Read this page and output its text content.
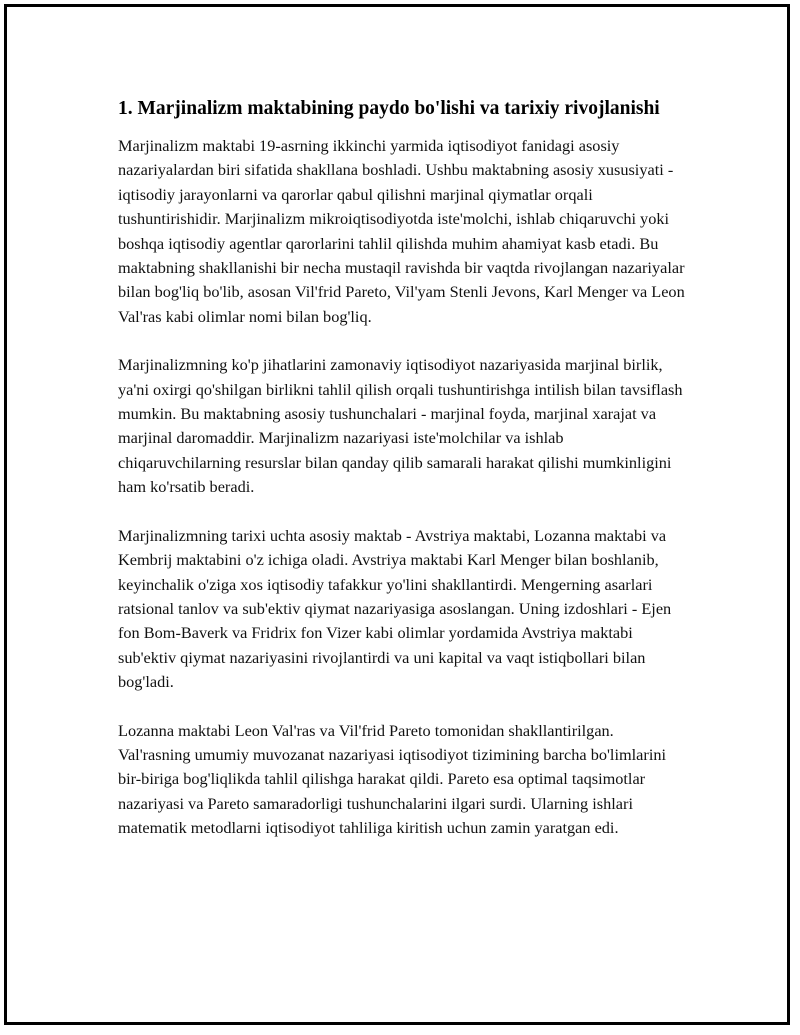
1. Marjinalizm maktabining paydo bo'lishi va tarixiy rivojlanishi

Marjinalizm maktabi 19-asrning ikkinchi yarmida iqtisodiyot fanidagi asosiy nazariyalardan biri sifatida shakllana boshladi. Ushbu maktabning asosiy xususiyati - iqtisodiy jarayonlarni va qarorlar qabul qilishni marjinal qiymatlar orqali tushuntirishidir. Marjinalizm mikroiqtisodiyotda iste'molchi, ishlab chiqaruvchi yoki boshqa iqtisodiy agentlar qarorlarini tahlil qilishda muhim ahamiyat kasb etadi. Bu maktabning shakllanishi bir necha mustaqil ravishda bir vaqtda rivojlangan nazariyalar bilan bog'liq bo'lib, asosan Vil'frid Pareto, Vil'yam Stenli Jevons, Karl Menger va Leon Val'ras kabi olimlar nomi bilan bog'liq.

Marjinalizmning ko'p jihatlarini zamonaviy iqtisodiyot nazariyasida marjinal birlik, ya'ni oxirgi qo'shilgan birlikni tahlil qilish orqali tushuntirishga intilish bilan tavsiflash mumkin. Bu maktabning asosiy tushunchalari - marjinal foyda, marjinal xarajat va marjinal daromaddir. Marjinalizm nazariyasi iste'molchilar va ishlab chiqaruvchilarning resurslar bilan qanday qilib samarali harakat qilishi mumkinligini ham ko'rsatib beradi.

Marjinalizmning tarixi uchta asosiy maktab - Avstriya maktabi, Lozanna maktabi va Kembrij maktabini o'z ichiga oladi. Avstriya maktabi Karl Menger bilan boshlanib, keyinchalik o'ziga xos iqtisodiy tafakkur yo'lini shakllantirdi. Mengerning asarlari ratsional tanlov va sub'ektiv qiymat nazariyasiga asoslangan. Uning izdoshlari - Ejen fon Bom-Baverk va Fridrix fon Vizer kabi olimlar yordamida Avstriya maktabi sub'ektiv qiymat nazariyasini rivojlantirdi va uni kapital va vaqt istiqbollari bilan bog'ladi.

Lozanna maktabi Leon Val'ras va Vil'frid Pareto tomonidan shakllantirilgan. Val'rasning umumiy muvozanat nazariyasi iqtisodiyot tizimining barcha bo'limlarini bir-biriga bog'liqlikda tahlil qilishga harakat qildi. Pareto esa optimal taqsimotlar nazariyasi va Pareto samaradorligi tushunchalarini ilgari surdi. Ularning ishlari matematik metodlarni iqtisodiyot tahliliga kiritish uchun zamin yaratgan edi.
